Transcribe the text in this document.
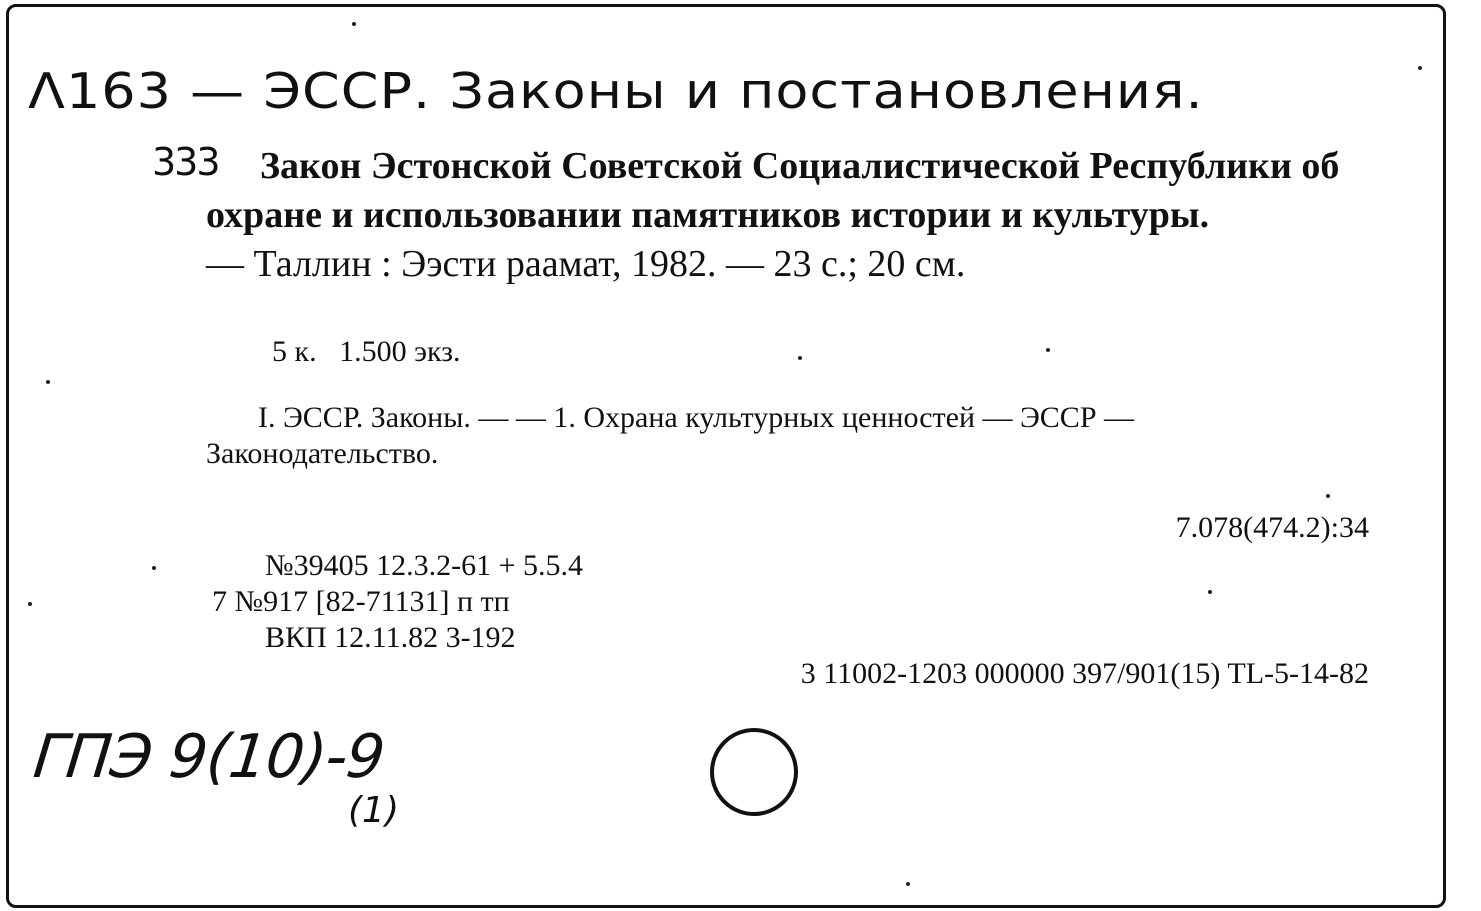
Λ163 — ЭССР. Законы и постановления.
333	Закон Эстонской Советской Социалистической Республики об охране и использовании памятников истории и культуры.
— Таллин : Ээсти раамат, 1982. — 23 с.; 20 см.
5 к.   1.500 экз.
I. ЭССР. Законы. — — 1. Охрана культурных ценностей — ЭССР — Законодательство.
7.078(474.2):34
№39405 12.3.2-61 + 5.5.4
7 №917 [82-71131] п тп
ВКП 12.11.82 3-192
3 11002-1203 000000 397/901(15) TL-5-14-82
ГПЭ 9(10)-9
(1)
